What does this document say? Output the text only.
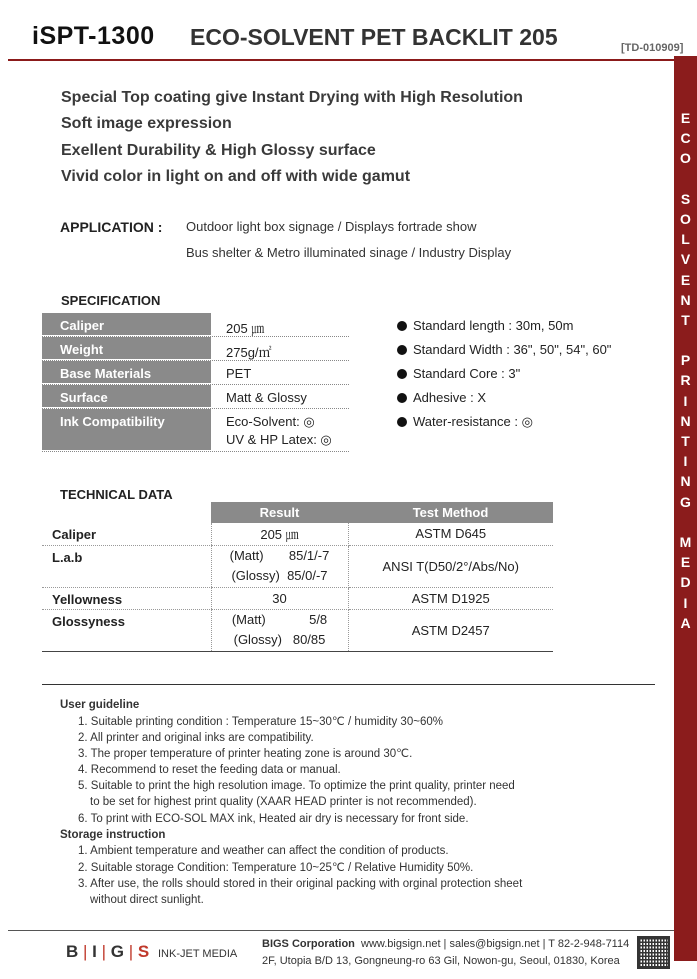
iSPT-1300 ECO-SOLVENT PET BACKLIT 205	[TD-010909]
E
C
O

S
O
L
V
E
N
T

P
R
I
N
T
I
N
G

M
E
D
I
A
Special Top coating give Instant Drying with High Resolution
Soft image expression
Exellent Durability & High Glossy surface
Vivid color in light on and off with wide gamut
APPLICATION : Outdoor light box signage / Displays fortrade show
Bus shelter & Metro illuminated sinage / Industry Display
SPECIFICATION
Caliper	205 ㎛
Weight	275g/㎡
Base Materials	PET
Surface	Matt & Glossy
Ink Compatibility	Eco-Solvent: ◎
UV & HP Latex: ◎
Standard length : 30m, 50m
Standard Width : 36", 50", 54", 60"
Standard Core : 3"
Adhesive : X
Water-resistance : ◎
TECHNICAL DATA
	Result	Test Method
Caliper	205 ㎛	ASTM D645
L.a.b	(Matt)       85/1/-7
(Glossy)  85/0/-7	ANSI T(D50/2°/Abs/No)
Yellowness	30	ASTM D1925
Glossyness	(Matt)            5/8
(Glossy)   80/85	ASTM D2457
User guideline
1. Suitable printing condition : Temperature 15~30℃ / humidity 30~60%
2. All printer and original inks are compatibility.
3. The proper temperature of printer heating zone is around 30℃.
4. Recommend to reset the feeding data or manual.
5. Suitable to print the high resolution image. To optimize the print quality, printer need
to be set for highest print quality (XAAR HEAD printer is not recommended).
6. To print with ECO-SOL MAX ink, Heated air dry is necessary for front side.
Storage instruction
1. Ambient temperature and weather can affect the condition of products.
2. Suitable storage Condition: Temperature 10~25℃ / Relative Humidity 50%.
3. After use, the rolls should stored in their original packing with orginal protection sheet
without direct sunlight.
B | I | G | S INK-JET MEDIA
BIGS Corporation www.bigsign.net | sales@bigsign.net | T 82-2-948-7114
2F, Utopia B/D 13, Gongneung-ro 63 Gil, Nowon-gu, Seoul, 01830, Korea
